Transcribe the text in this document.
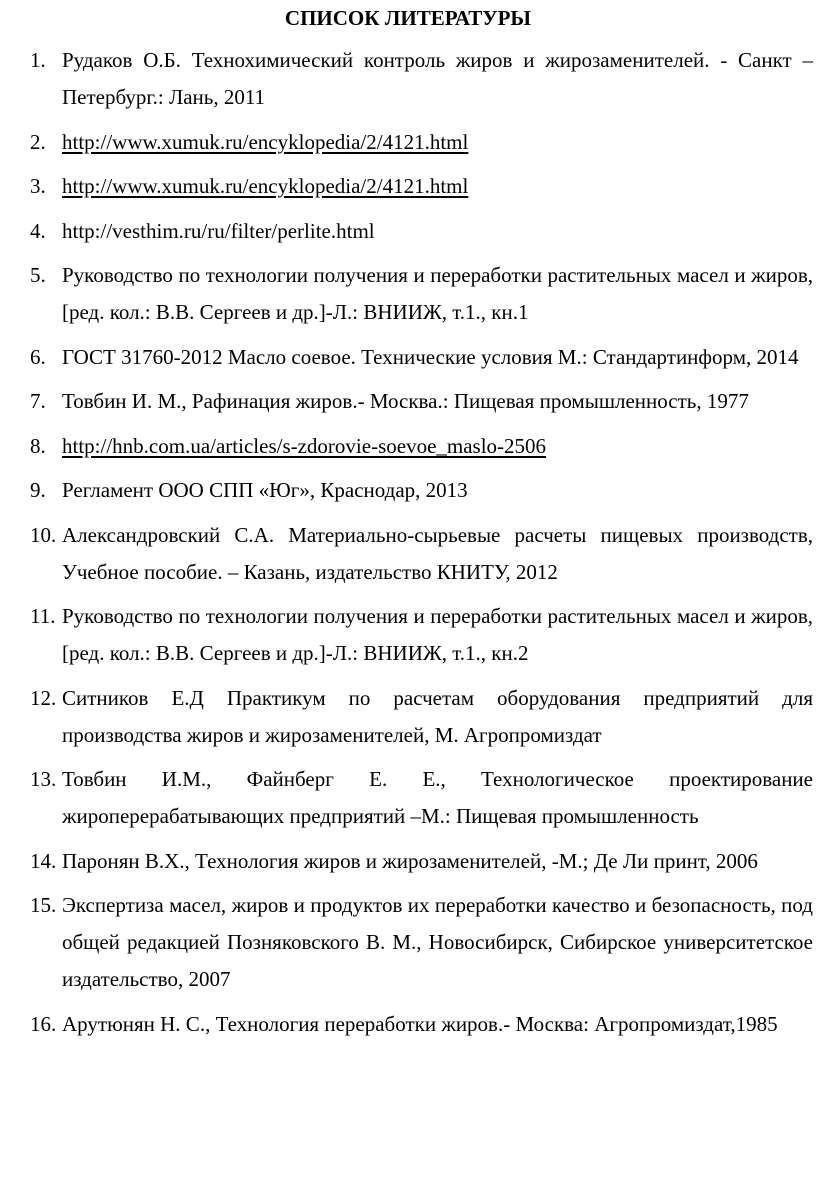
СПИСОК ЛИТЕРАТУРЫ
1. Рудаков О.Б. Технохимический контроль жиров и жирозаменителей. - Санкт –Петербург.: Лань, 2011
2. http://www.xumuk.ru/encyklopedia/2/4121.html
3. http://www.xumuk.ru/encyklopedia/2/4121.html
4. http://vesthim.ru/ru/filter/perlite.html
5. Руководство по технологии получения и переработки растительных масел и жиров, [ред. кол.: В.В. Сергеев и др.]-Л.: ВНИИЖ, т.1., кн.1
6. ГОСТ 31760-2012 Масло соевое. Технические условия М.: Стандартинформ, 2014
7. Товбин И. М., Рафинация жиров.- Москва.: Пищевая промышленность, 1977
8. http://hnb.com.ua/articles/s-zdorovie-soevoe_maslo-2506
9. Регламент ООО СПП «Юг», Краснодар, 2013
10. Александровский С.А. Материально-сырьевые расчеты пищевых производств, Учебное пособие. – Казань, издательство КНИТУ, 2012
11. Руководство по технологии получения и переработки растительных масел и жиров, [ред. кол.: В.В. Сергеев и др.]-Л.: ВНИИЖ, т.1., кн.2
12. Ситников Е.Д Практикум по расчетам оборудования предприятий для производства жиров и жирозаменителей, М. Агропромиздат
13. Товбин И.М., Файнберг Е. Е., Технологическое проектирование жироперерабатывающих предприятий –М.: Пищевая промышленность
14. Паронян В.Х., Технология жиров и жирозаменителей, -М.; Де Ли принт, 2006
15. Экспертиза масел, жиров и продуктов их переработки качество и безопасность, под общей редакцией Позняковского В. М., Новосибирск, Сибирское университетское издательство, 2007
16. Арутюнян Н. С., Технология переработки жиров.- Москва: Агропромиздат,1985
